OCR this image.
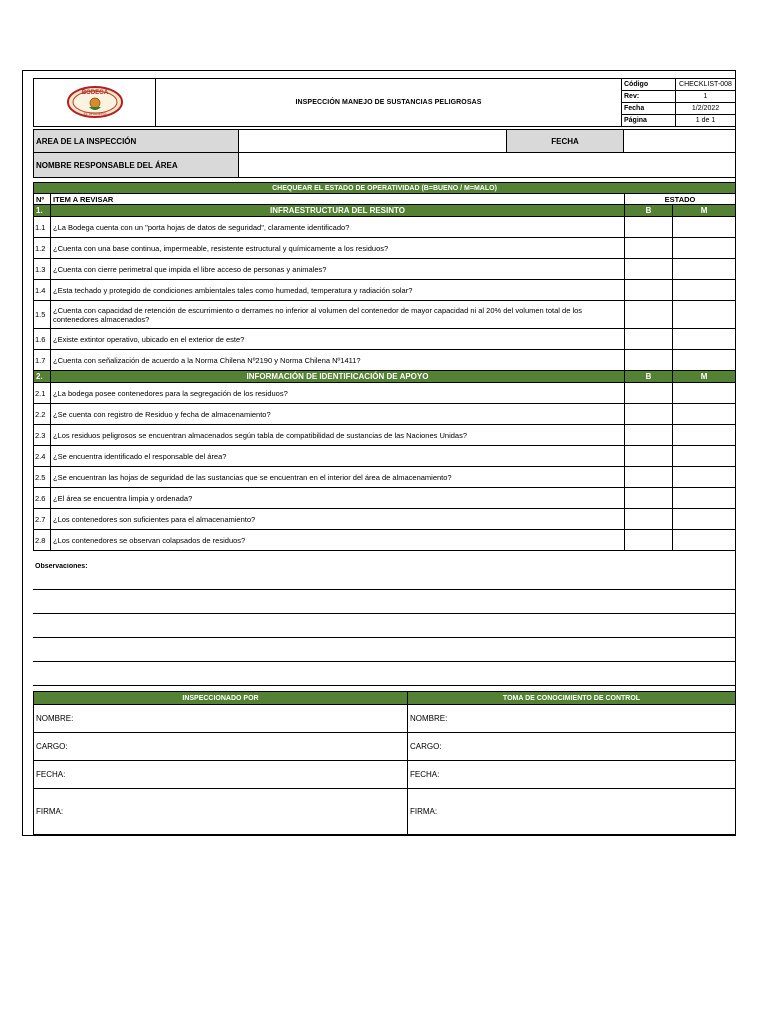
BODEGA
EL GRANERO	INSPECCIÓN MANEJO DE SUSTANCIAS PELIGROSAS	Código	CHECKLIST-008
		Rev:	1
		Fecha	1/2/2022
		Página	1 de 1
AREA DE LA INSPECCIÓN		FECHA	
NOMBRE RESPONSABLE DEL ÁREA			
CHEQUEAR EL ESTADO DE OPERATIVIDAD (B=BUENO / M=MALO)			
Nº	ITEM A REVISAR	ESTADO	
1.	INFRAESTRUCTURA DEL RESINTO	B	M
1.1	¿La Bodega cuenta con un "porta hojas de datos de seguridad", claramente identificado?		
1.2	¿Cuenta con una base continua, impermeable, resistente estructural y químicamente a los residuos?		
1.3	¿Cuenta con cierre perimetral que impida el libre acceso de personas y animales?		
1.4	¿Esta techado y protegido de condiciones ambientales tales como humedad, temperatura y radiación solar?		
1.5	¿Cuenta con capacidad de retención de escurrimiento o derrames no inferior al volumen del contenedor de mayor capacidad ni al 20% del volumen total de los contenedores almacenados?		
1.6	¿Existe extintor operativo, ubicado en el exterior de este?		
1.7	¿Cuenta con señalización de acuerdo a la Norma Chilena Nº2190 y Norma Chilena Nº1411?		
2.	INFORMACIÓN DE IDENTIFICACIÓN DE APOYO	B	M
2.1	¿La bodega posee contenedores para la segregación de los residuos?		
2.2	¿Se cuenta con registro de Residuo y fecha de almacenamiento?		
2.3	¿Los residuos peligrosos se encuentran almacenados según tabla de compatibilidad de sustancias de las Naciones Unidas?		
2.4	¿Se encuentra identificado el responsable del área?		
2.5	¿Se encuentran las hojas de seguridad de las sustancias que se encuentran en el interior del área de almacenamiento?		
2.6	¿El área se encuentra limpia y ordenada?		
2.7	¿Los contenedores son suficientes para el almacenamiento?		
2.8	¿Los contenedores se observan colapsados de residuos?		
Observaciones:

INSPECCIONADO POR	TOMA DE CONOCIMIENTO DE CONTROL
NOMBRE:	NOMBRE:
CARGO:	CARGO:
FECHA:	FECHA:
FIRMA:	FIRMA:
